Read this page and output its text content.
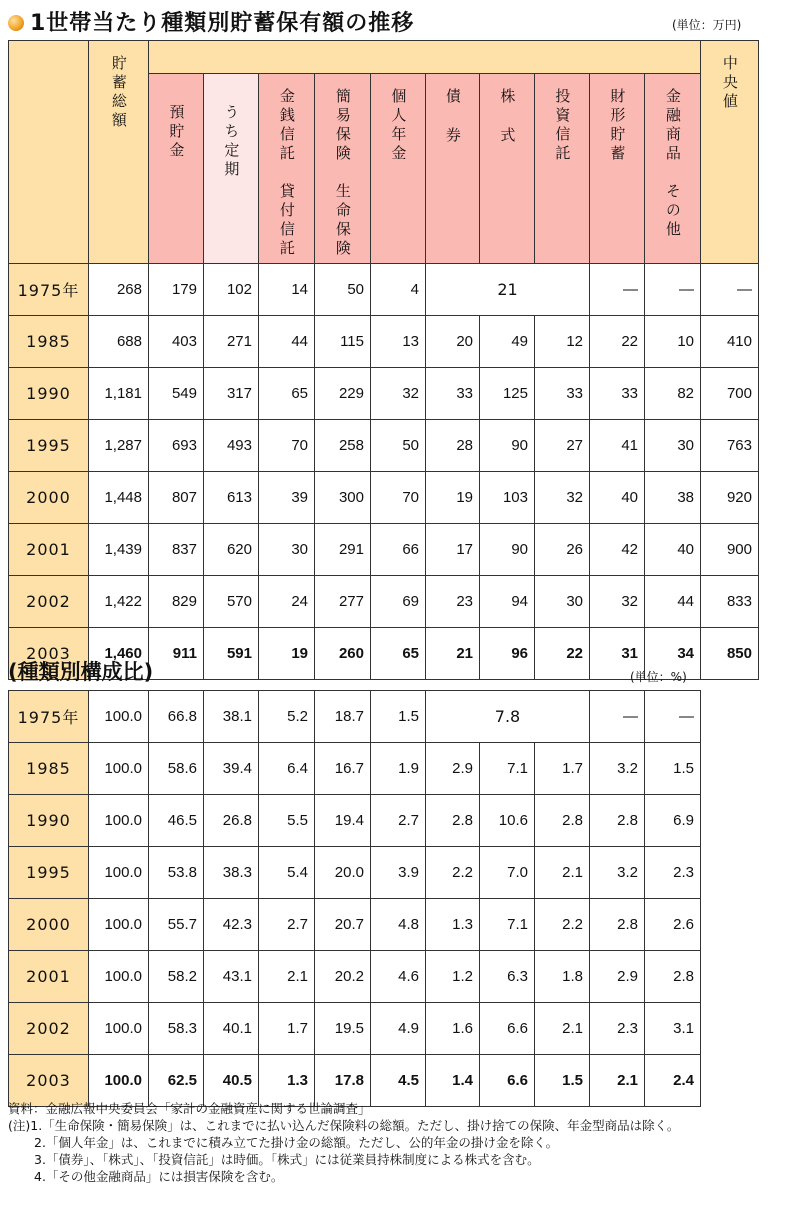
1世帯当たり種類別貯蓄保有額の推移	(単位：万円)
	貯蓄総額											中央値
		預貯金	うち定期	金銭信託　貸付信託	簡易保険　生命保険	個人年金	債券	株式	投資信託	財形貯蓄	金融商品　その他	
1975年	268	179	102	14	50	4	21			—	—	—
1985	688	403	271	44	115	13	20	49	12	22	10	410
1990	1,181	549	317	65	229	32	33	125	33	33	82	700
1995	1,287	693	493	70	258	50	28	90	27	41	30	763
2000	1,448	807	613	39	300	70	19	103	32	40	38	920
2001	1,439	837	620	30	291	66	17	90	26	42	40	900
2002	1,422	829	570	24	277	69	23	94	30	32	44	833
2003	1,460	911	591	19	260	65	21	96	22	31	34	850
(種類別構成比)	(単位：%)
1975年	100.0	66.8	38.1	5.2	18.7	1.5	7.8			—	—
1985	100.0	58.6	39.4	6.4	16.7	1.9	2.9	7.1	1.7	3.2	1.5
1990	100.0	46.5	26.8	5.5	19.4	2.7	2.8	10.6	2.8	2.8	6.9
1995	100.0	53.8	38.3	5.4	20.0	3.9	2.2	7.0	2.1	3.2	2.3
2000	100.0	55.7	42.3	2.7	20.7	4.8	1.3	7.1	2.2	2.8	2.6
2001	100.0	58.2	43.1	2.1	20.2	4.6	1.2	6.3	1.8	2.9	2.8
2002	100.0	58.3	40.1	1.7	19.5	4.9	1.6	6.6	2.1	2.3	3.1
2003	100.0	62.5	40.5	1.3	17.8	4.5	1.4	6.6	1.5	2.1	2.4
資料：金融広報中央委員会「家計の金融資産に関する世論調査」
(注)1.「生命保険・簡易保険」は、これまでに払い込んだ保険料の総額。ただし、掛け捨ての保険、年金型商品は除く。
2.「個人年金」は、これまでに積み立てた掛け金の総額。ただし、公的年金の掛け金を除く。
3.「債券」、「株式」、「投資信託」は時価。「株式」には従業員持株制度による株式を含む。
4.「その他金融商品」には損害保険を含む。
